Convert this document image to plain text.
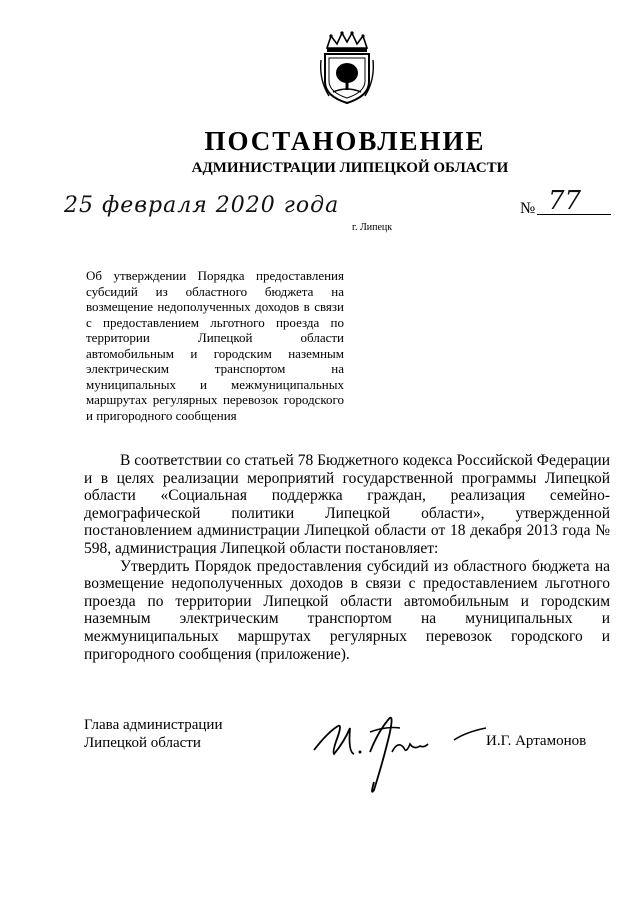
ПОСТАНОВЛЕНИЕ
АДМИНИСТРАЦИИ ЛИПЕЦКОЙ ОБЛАСТИ
25 февраля 2020 года
г. Липецк
№ 77
Об утверждении Порядка предоставления субсидий из областного бюджета на возмещение недополученных доходов в связи с предоставлением льготного проезда по территории Липецкой области автомобильным и городским наземным электрическим транспортом на муниципальных и межмуниципальных маршрутах регулярных перевозок городского и пригородного сообщения

В соответствии со статьей 78 Бюджетного кодекса Российской Федерации и в целях реализации мероприятий государственной программы Липецкой области «Социальная поддержка граждан, реализация семейно-демографической политики Липецкой области», утвержденной постановлением администрации Липецкой области от 18 декабря 2013 года № 598, администрация Липецкой области постановляет:

Утвердить Порядок предоставления субсидий из областного бюджета на возмещение недополученных доходов в связи с предоставлением льготного проезда по территории Липецкой области автомобильным и городским наземным электрическим транспортом на муниципальных и межмуниципальных маршрутах регулярных перевозок городского и пригородного сообщения (приложение).

Глава администрации
Липецкой области	И.Г. Артамонов
